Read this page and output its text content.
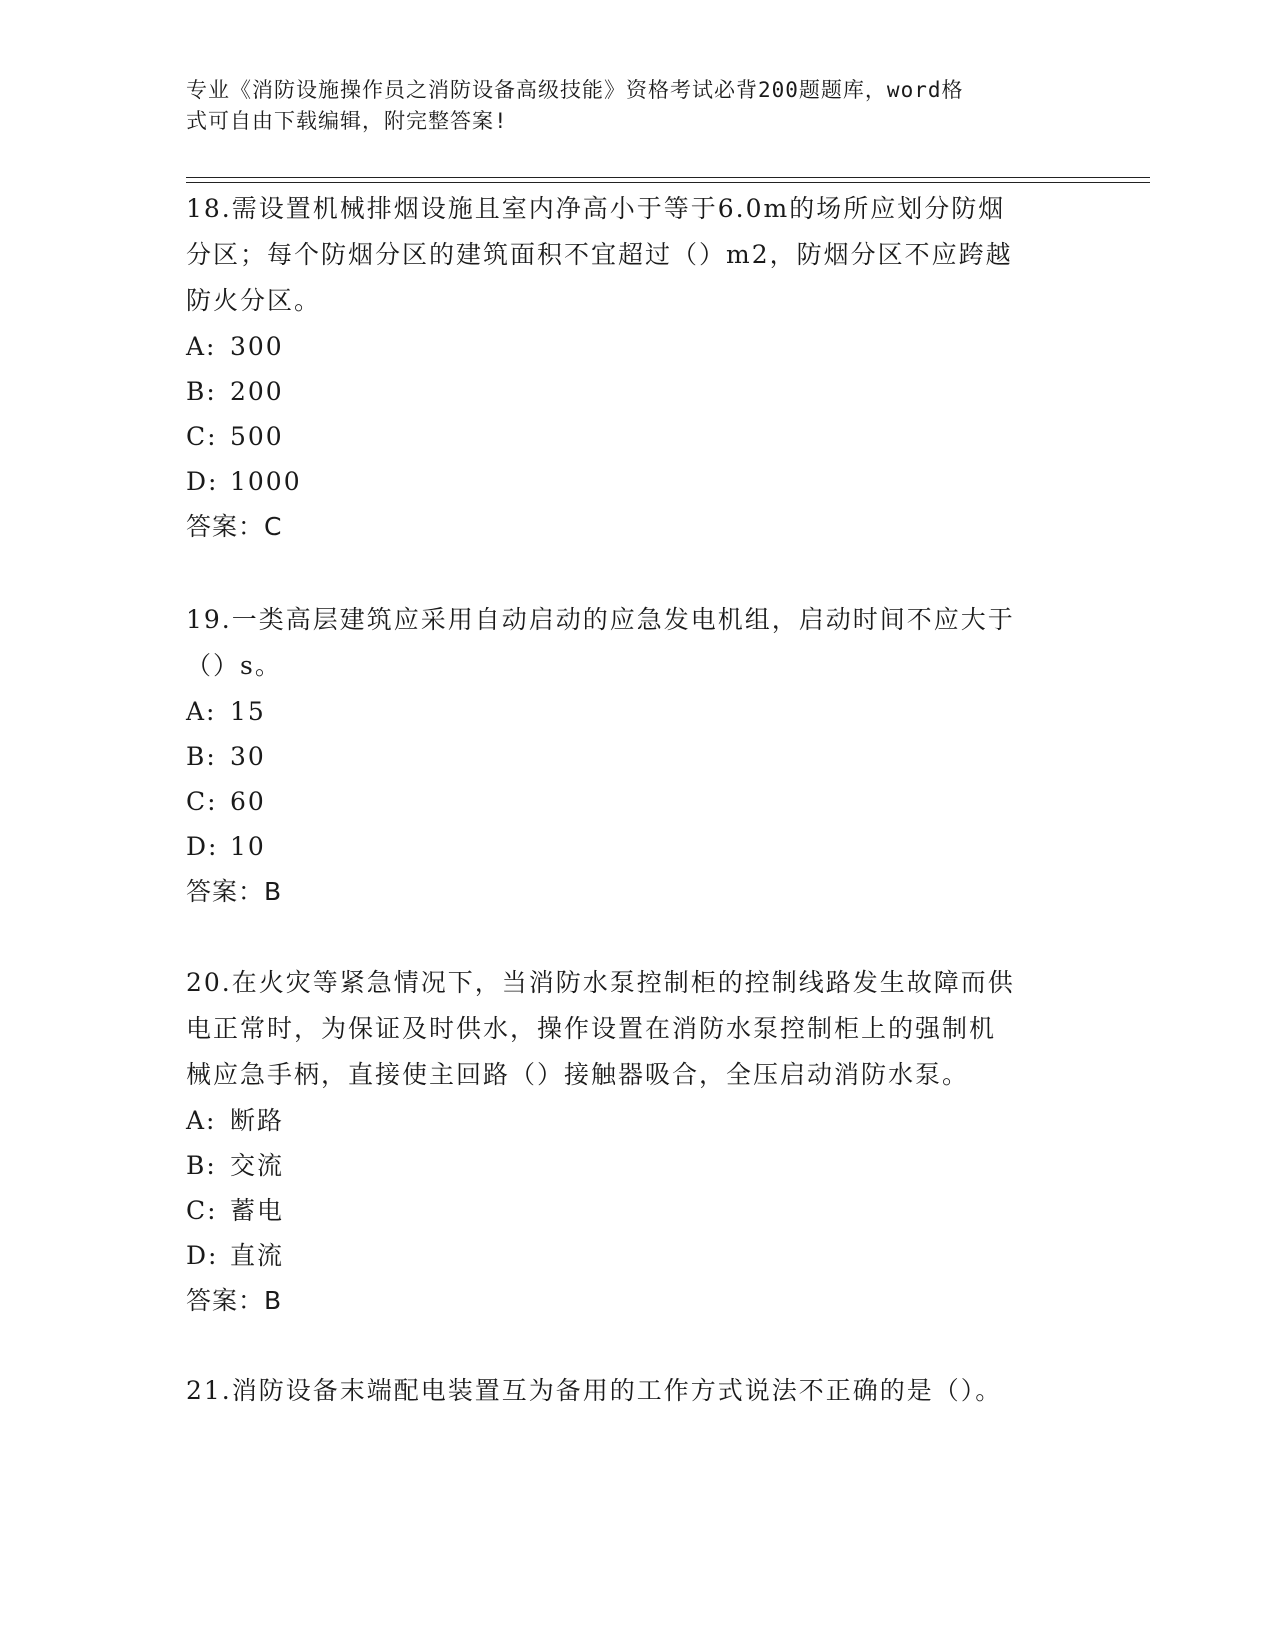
专业《消防设施操作员之消防设备高级技能》资格考试必背200题题库，word格
式可自由下载编辑，附完整答案!
18.需设置机械排烟设施且室内净高小于等于6.0m的场所应划分防烟
分区；每个防烟分区的建筑面积不宜超过（）m2，防烟分区不应跨越
防火分区。
A: 300
B: 200
C: 500
D: 1000
答案：C
19.一类高层建筑应采用自动启动的应急发电机组，启动时间不应大于
（）s。
A: 15
B: 30
C: 60
D: 10
答案：B
20.在火灾等紧急情况下，当消防水泵控制柜的控制线路发生故障而供
电正常时，为保证及时供水，操作设置在消防水泵控制柜上的强制机
械应急手柄，直接使主回路（）接触器吸合，全压启动消防水泵。
A: 断路
B: 交流
C: 蓄电
D: 直流
答案：B
21.消防设备末端配电装置互为备用的工作方式说法不正确的是（）。
